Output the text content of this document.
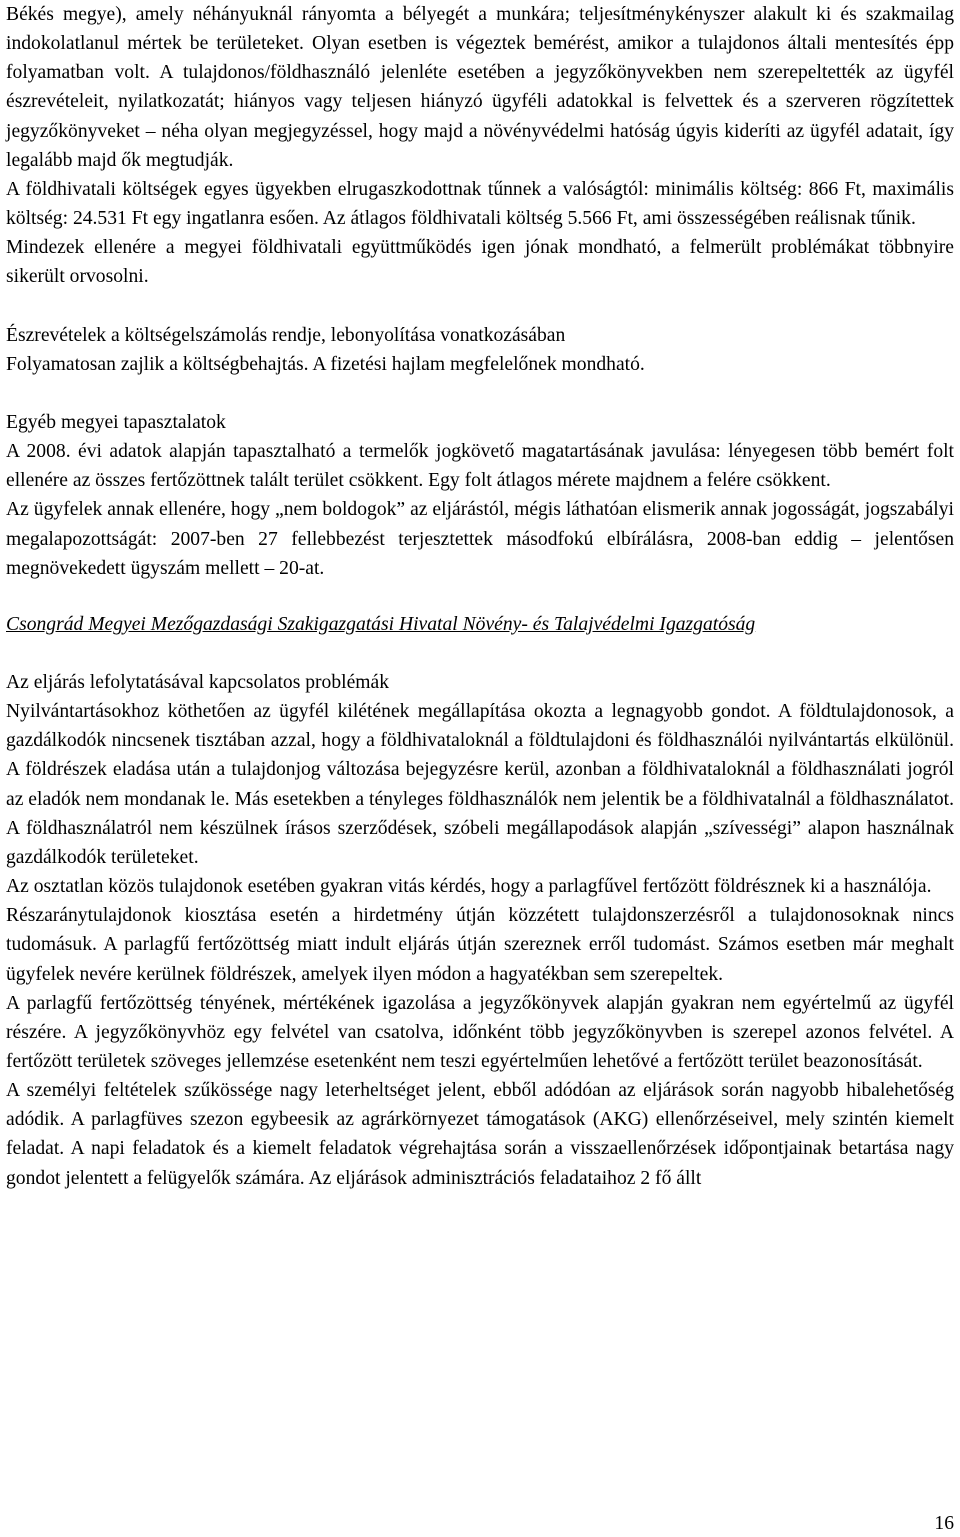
Békés megye), amely néhányuknál rányomta a bélyegét a munkára; teljesítménykényszer alakult ki és szakmailag indokolatlanul mértek be területeket. Olyan esetben is végeztek bemérést, amikor a tulajdonos általi mentesítés épp folyamatban volt. A tulajdonos/földhasználó jelenléte esetében a jegyzőkönyvekben nem szerepeltették az ügyfél észrevételeit, nyilatkozatát; hiányos vagy teljesen hiányzó ügyféli adatokkal is felvettek és a szerveren rögzítettek jegyzőkönyveket – néha olyan megjegyzéssel, hogy majd a növényvédelmi hatóság úgyis kideríti az ügyfél adatait, így legalább majd ők megtudják.

A földhivatali költségek egyes ügyekben elrugaszkodottnak tűnnek a valóságtól: minimális költség: 866 Ft, maximális költség: 24.531 Ft egy ingatlanra esően. Az átlagos földhivatali költség 5.566 Ft, ami összességében reálisnak tűnik.

Mindezek ellenére a megyei földhivatali együttműködés igen jónak mondható, a felmerült problémákat többnyire sikerült orvosolni.

Észrevételek a költségelszámolás rendje, lebonyolítása vonatkozásában

Folyamatosan zajlik a költségbehajtás. A fizetési hajlam megfelelőnek mondható.

Egyéb megyei tapasztalatok

A 2008. évi adatok alapján tapasztalható a termelők jogkövető magatartásának javulása: lényegesen több bemért folt ellenére az összes fertőzöttnek talált terület csökkent. Egy folt átlagos mérete majdnem a felére csökkent.

Az ügyfelek annak ellenére, hogy „nem boldogok” az eljárástól, mégis láthatóan elismerik annak jogosságát, jogszabályi megalapozottságát: 2007-ben 27 fellebbezést terjesztettek másodfokú elbírálásra, 2008-ban eddig – jelentősen megnövekedett ügyszám mellett – 20-at.

Csongrád Megyei Mezőgazdasági Szakigazgatási Hivatal Növény- és Talajvédelmi Igazgatóság

Az eljárás lefolytatásával kapcsolatos problémák

Nyilvántartásokhoz köthetően az ügyfél kilétének megállapítása okozta a legnagyobb gondot. A földtulajdonosok, a gazdálkodók nincsenek tisztában azzal, hogy a földhivataloknál a földtulajdoni és földhasználói nyilvántartás elkülönül. A földrészek eladása után a tulajdonjog változása bejegyzésre kerül, azonban a földhivataloknál a földhasználati jogról az eladók nem mondanak le. Más esetekben a tényleges földhasználók nem jelentik be a földhivatalnál a földhasználatot. A földhasználatról nem készülnek írásos szerződések, szóbeli megállapodások alapján „szívességi” alapon használnak gazdálkodók területeket.

Az osztatlan közös tulajdonok esetében gyakran vitás kérdés, hogy a parlagfűvel fertőzött földrésznek ki a használója.

Részaránytulajdonok kiosztása esetén a hirdetmény útján közzétett tulajdonszerzésről a tulajdonosoknak nincs tudomásuk. A parlagfű fertőzöttség miatt indult eljárás útján szereznek erről tudomást. Számos esetben már meghalt ügyfelek nevére kerülnek földrészek, amelyek ilyen módon a hagyatékban sem szerepeltek.

A parlagfű fertőzöttség tényének, mértékének igazolása a jegyzőkönyvek alapján gyakran nem egyértelmű az ügyfél részére. A jegyzőkönyvhöz egy felvétel van csatolva, időnként több jegyzőkönyvben is szerepel azonos felvétel. A fertőzött területek szöveges jellemzése esetenként nem teszi egyértelműen lehetővé a fertőzött terület beazonosítását.

A személyi feltételek szűkössége nagy leterheltséget jelent, ebből adódóan az eljárások során nagyobb hibalehetőség adódik. A parlagfüves szezon egybeesik az agrárkörnyezet támogatások (AKG) ellenőrzéseivel, mely szintén kiemelt feladat. A napi feladatok és a kiemelt feladatok végrehajtása során a visszaellenőrzések időpontjainak betartása nagy gondot jelentett a felügyelők számára. Az eljárások adminisztrációs feladataihoz 2 fő állt

16
